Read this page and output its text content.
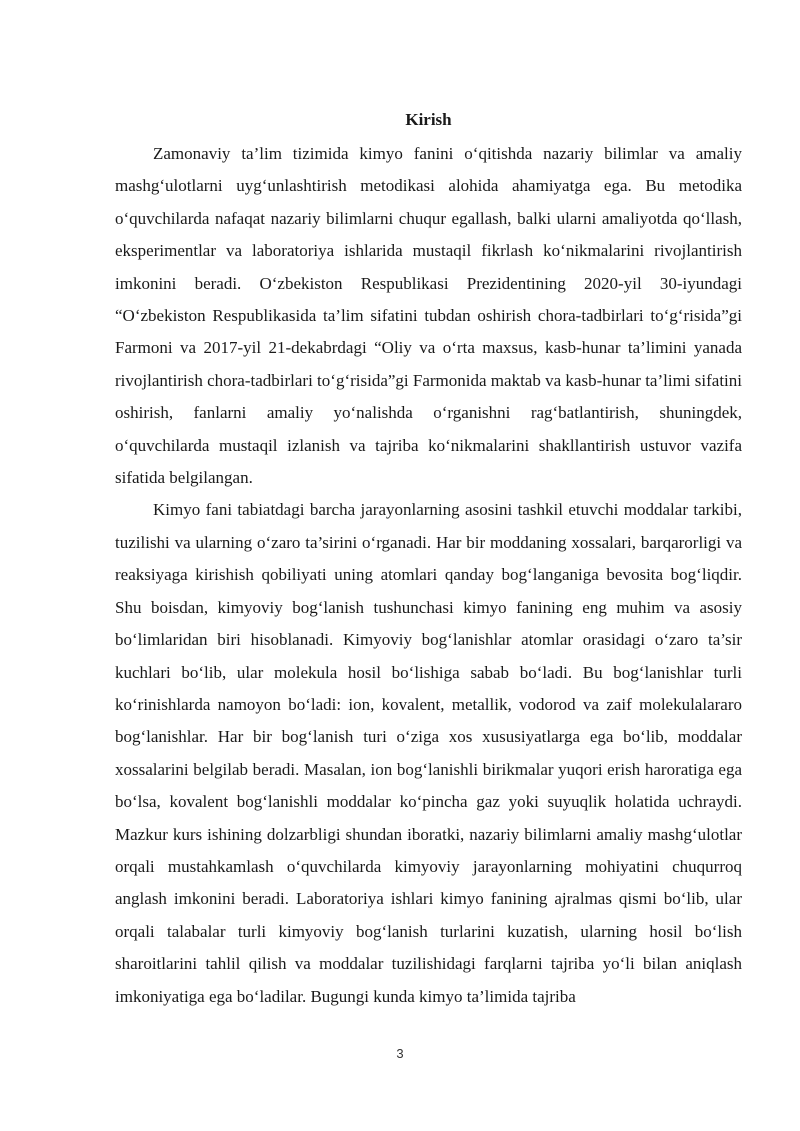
Kirish

Zamonaviy ta’lim tizimida kimyo fanini o‘qitishda nazariy bilimlar va amaliy mashg‘ulotlarni uyg‘unlashtirish metodikasi alohida ahamiyatga ega. Bu metodika o‘quvchilarda nafaqat nazariy bilimlarni chuqur egallash, balki ularni amaliyotda qo‘llash, eksperimentlar va laboratoriya ishlarida mustaqil fikrlash ko‘nikmalarini rivojlantirish imkonini beradi. O‘zbekiston Respublikasi Prezidentining 2020-yil 30-iyundagi “O‘zbekiston Respublikasida ta’lim sifatini tubdan oshirish chora-tadbirlari to‘g‘risida”gi Farmoni va 2017-yil 21-dekabrdagi “Oliy va o‘rta maxsus, kasb-hunar ta’limini yanada rivojlantirish chora-tadbirlari to‘g‘risida”gi Farmonida maktab va kasb-hunar ta’limi sifatini oshirish, fanlarni amaliy yo‘nalishda o‘rganishni rag‘batlantirish, shuningdek, o‘quvchilarda mustaqil izlanish va tajriba ko‘nikmalarini shakllantirish ustuvor vazifa sifatida belgilangan.

Kimyo fani tabiatdagi barcha jarayonlarning asosini tashkil etuvchi moddalar tarkibi, tuzilishi va ularning o‘zaro ta’sirini o‘rganadi. Har bir moddaning xossalari, barqarorligi va reaksiyaga kirishish qobiliyati uning atomlari qanday bog‘langaniga bevosita bog‘liqdir. Shu boisdan, kimyoviy bog‘lanish tushunchasi kimyo fanining eng muhim va asosiy bo‘limlaridan biri hisoblanadi. Kimyoviy bog‘lanishlar atomlar orasidagi o‘zaro ta’sir kuchlari bo‘lib, ular molekula hosil bo‘lishiga sabab bo‘ladi. Bu bog‘lanishlar turli ko‘rinishlarda namoyon bo‘ladi: ion, kovalent, metallik, vodorod va zaif molekulalararo bog‘lanishlar. Har bir bog‘lanish turi o‘ziga xos xususiyatlarga ega bo‘lib, moddalar xossalarini belgilab beradi. Masalan, ion bog‘lanishli birikmalar yuqori erish haroratiga ega bo‘lsa, kovalent bog‘lanishli moddalar ko‘pincha gaz yoki suyuqlik holatida uchraydi. Mazkur kurs ishining dolzarbligi shundan iboratki, nazariy bilimlarni amaliy mashg‘ulotlar orqali mustahkamlash o‘quvchilarda kimyoviy jarayonlarning mohiyatini chuqurroq anglash imkonini beradi. Laboratoriya ishlari kimyo fanining ajralmas qismi bo‘lib, ular orqali talabalar turli kimyoviy bog‘lanish turlarini kuzatish, ularning hosil bo‘lish sharoitlarini tahlil qilish va moddalar tuzilishidagi farqlarni tajriba yo‘li bilan aniqlash imkoniyatiga ega bo‘ladilar. Bugungi kunda kimyo ta’limida tajriba

3
